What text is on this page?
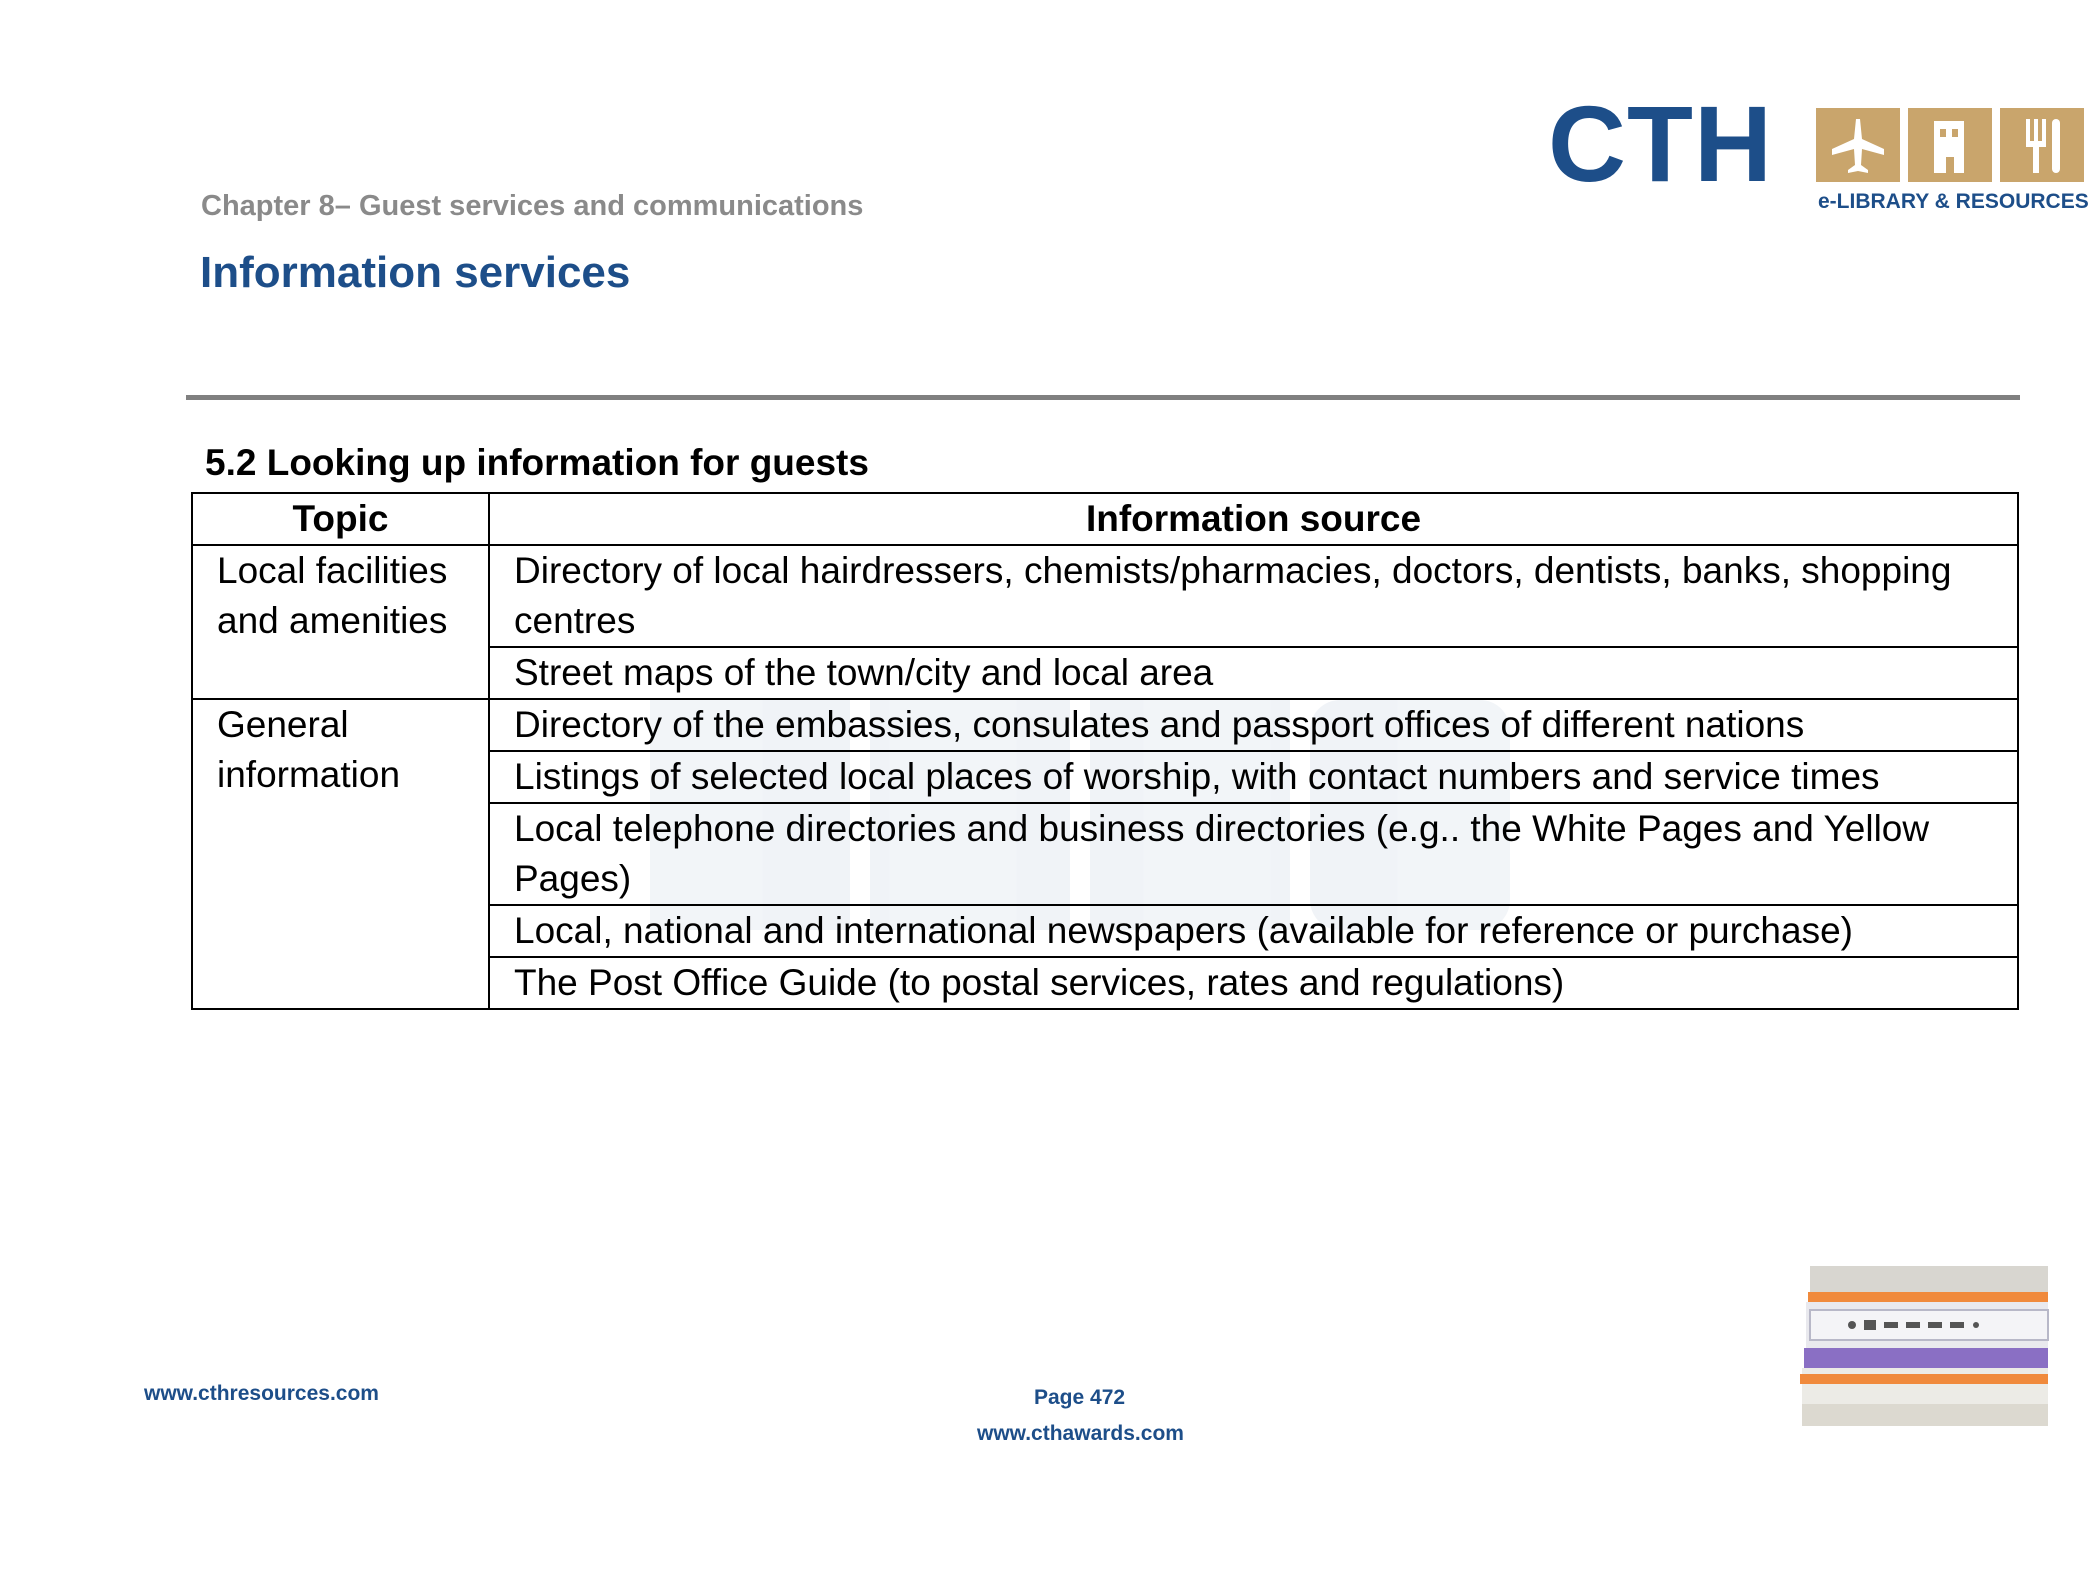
Chapter 8– Guest services and communications
Information services
CTH e-LIBRARY & RESOURCES
5.2 Looking up information for guests
Topic	Information source
Local facilities and amenities	Directory of local hairdressers, chemists/pharmacies, doctors, dentists, banks, shopping centres
	Street maps of the town/city and local area
General information	Directory of the embassies, consulates and passport offices of different nations
	Listings of selected local places of worship, with contact numbers and service times
	Local telephone directories and business directories (e.g.. the White Pages and Yellow Pages)
	Local, national and international newspapers (available for reference or purchase)
	The Post Office Guide (to postal services, rates and regulations)
www.cthresources.com	Page 472
www.cthawards.com
